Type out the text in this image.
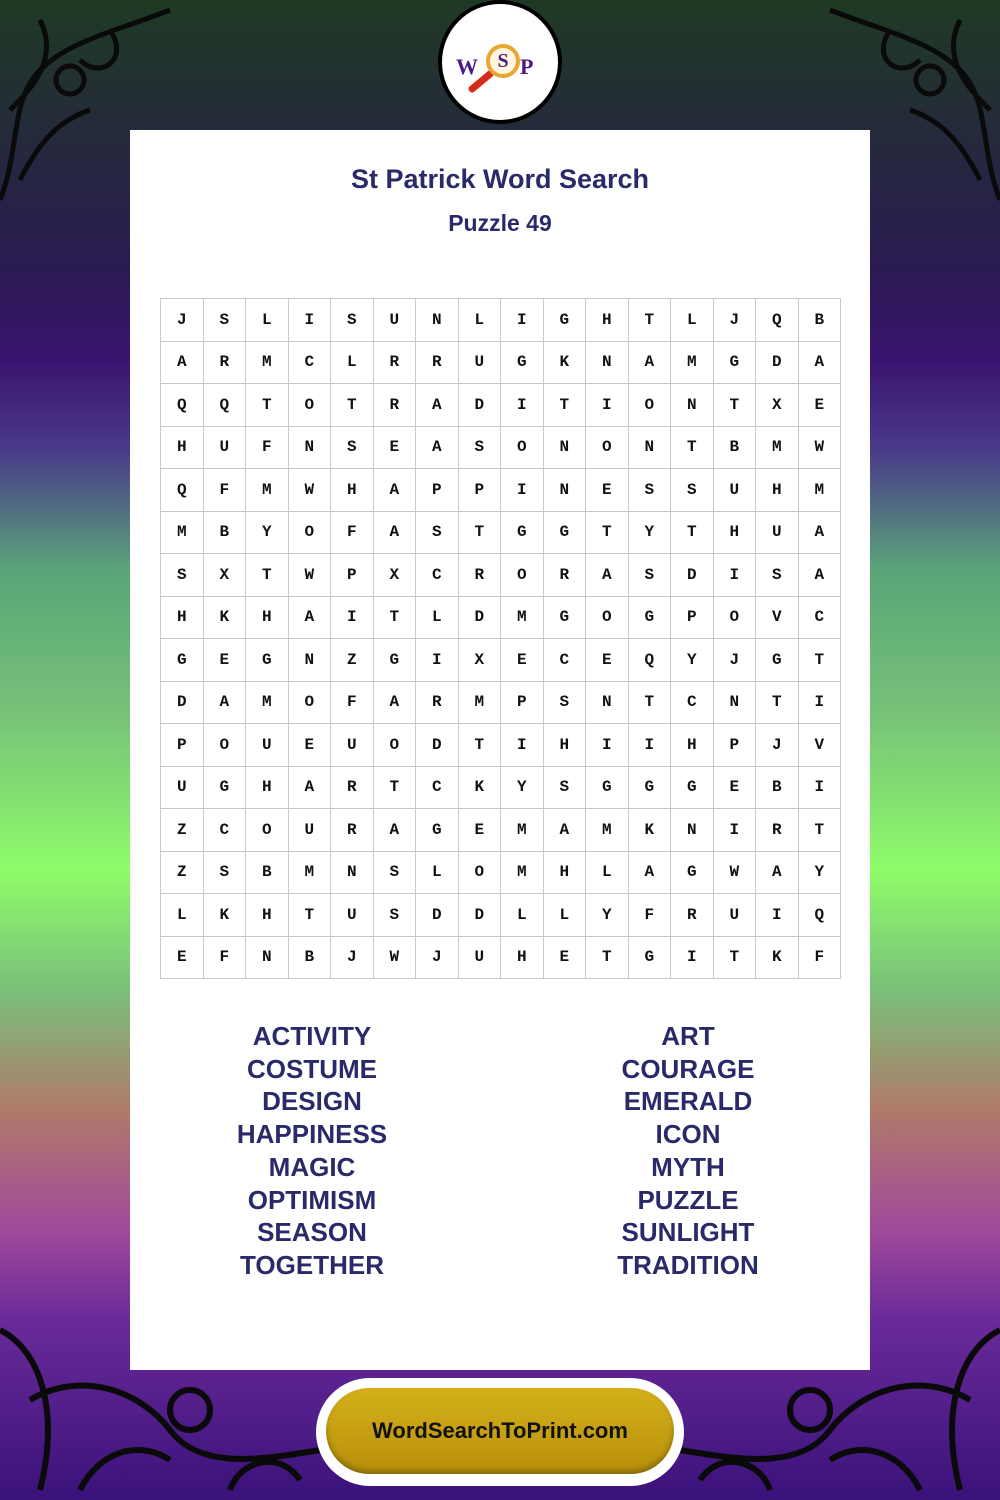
W S P
St Patrick Word Search
Puzzle 49
J	S	L	I	S	U	N	L	I	G	H	T	L	J	Q	B
A	R	M	C	L	R	R	U	G	K	N	A	M	G	D	A
Q	Q	T	O	T	R	A	D	I	T	I	O	N	T	X	E
H	U	F	N	S	E	A	S	O	N	O	N	T	B	M	W
Q	F	M	W	H	A	P	P	I	N	E	S	S	U	H	M
M	B	Y	O	F	A	S	T	G	G	T	Y	T	H	U	A
S	X	T	W	P	X	C	R	O	R	A	S	D	I	S	A
H	K	H	A	I	T	L	D	M	G	O	G	P	O	V	C
G	E	G	N	Z	G	I	X	E	C	E	Q	Y	J	G	T
D	A	M	O	F	A	R	M	P	S	N	T	C	N	T	I
P	O	U	E	U	O	D	T	I	H	I	I	H	P	J	V
U	G	H	A	R	T	C	K	Y	S	G	G	G	E	B	I
Z	C	O	U	R	A	G	E	M	A	M	K	N	I	R	T
Z	S	B	M	N	S	L	O	M	H	L	A	G	W	A	Y
L	K	H	T	U	S	D	D	L	L	Y	F	R	U	I	Q
E	F	N	B	J	W	J	U	H	E	T	G	I	T	K	F
ACTIVITY
COSTUME
DESIGN
HAPPINESS
MAGIC
OPTIMISM
SEASON
TOGETHER
ART
COURAGE
EMERALD
ICON
MYTH
PUZZLE
SUNLIGHT
TRADITION
WordSearchToPrint.com
